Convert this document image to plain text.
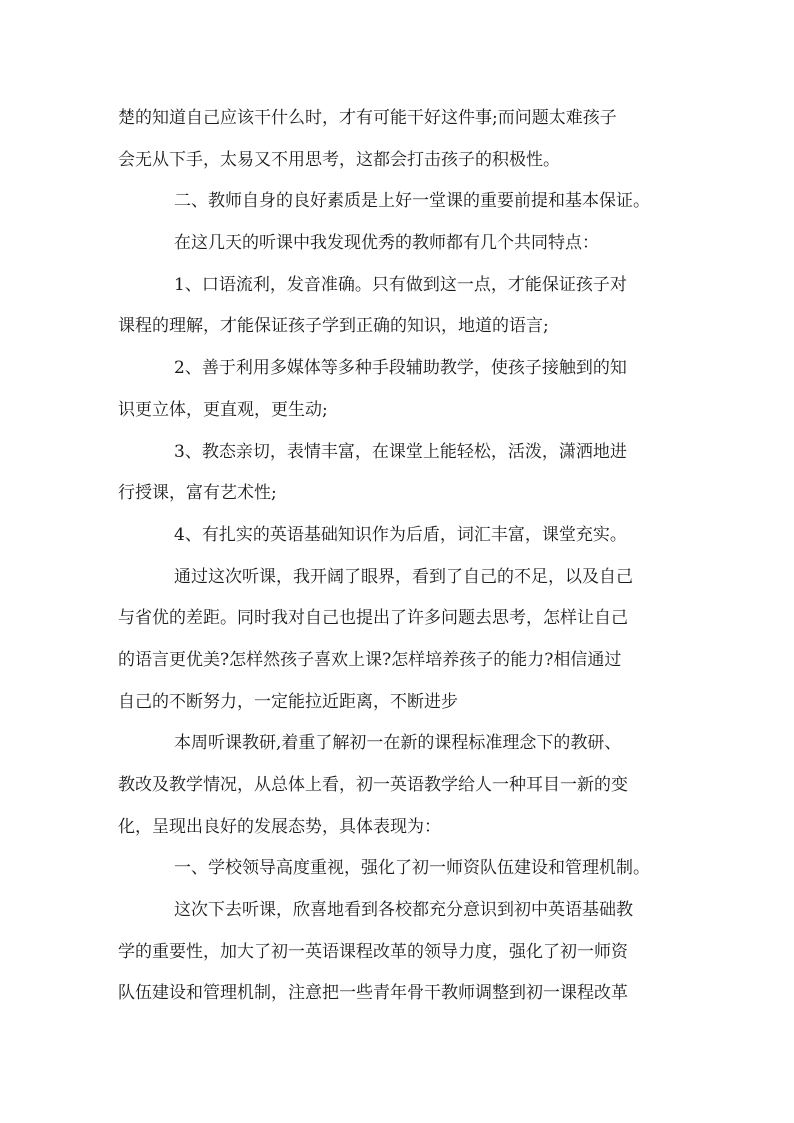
楚的知道自己应该干什么时，才有可能干好这件事;而问题太难孩子
会无从下手，太易又不用思考，这都会打击孩子的积极性。
二、教师自身的良好素质是上好一堂课的重要前提和基本保证。
在这几天的听课中我发现优秀的教师都有几个共同特点：
1、口语流利，发音准确。只有做到这一点，才能保证孩子对
课程的理解，才能保证孩子学到正确的知识，地道的语言;
2、善于利用多媒体等多种手段辅助教学，使孩子接触到的知
识更立体，更直观，更生动;
3、教态亲切，表情丰富，在课堂上能轻松，活泼，潇洒地进
行授课，富有艺术性;
4、有扎实的英语基础知识作为后盾，词汇丰富，课堂充实。
通过这次听课，我开阔了眼界，看到了自己的不足，以及自己
与省优的差距。同时我对自己也提出了许多问题去思考，怎样让自己
的语言更优美?怎样然孩子喜欢上课?怎样培养孩子的能力?相信通过
自己的不断努力，一定能拉近距离，不断进步
本周听课教研,着重了解初一在新的课程标准理念下的教研、
教改及教学情况，从总体上看，初一英语教学给人一种耳目一新的变
化，呈现出良好的发展态势，具体表现为：
一、学校领导高度重视，强化了初一师资队伍建设和管理机制。
这次下去听课，欣喜地看到各校都充分意识到初中英语基础教
学的重要性，加大了初一英语课程改革的领导力度，强化了初一师资
队伍建设和管理机制，注意把一些青年骨干教师调整到初一课程改革
